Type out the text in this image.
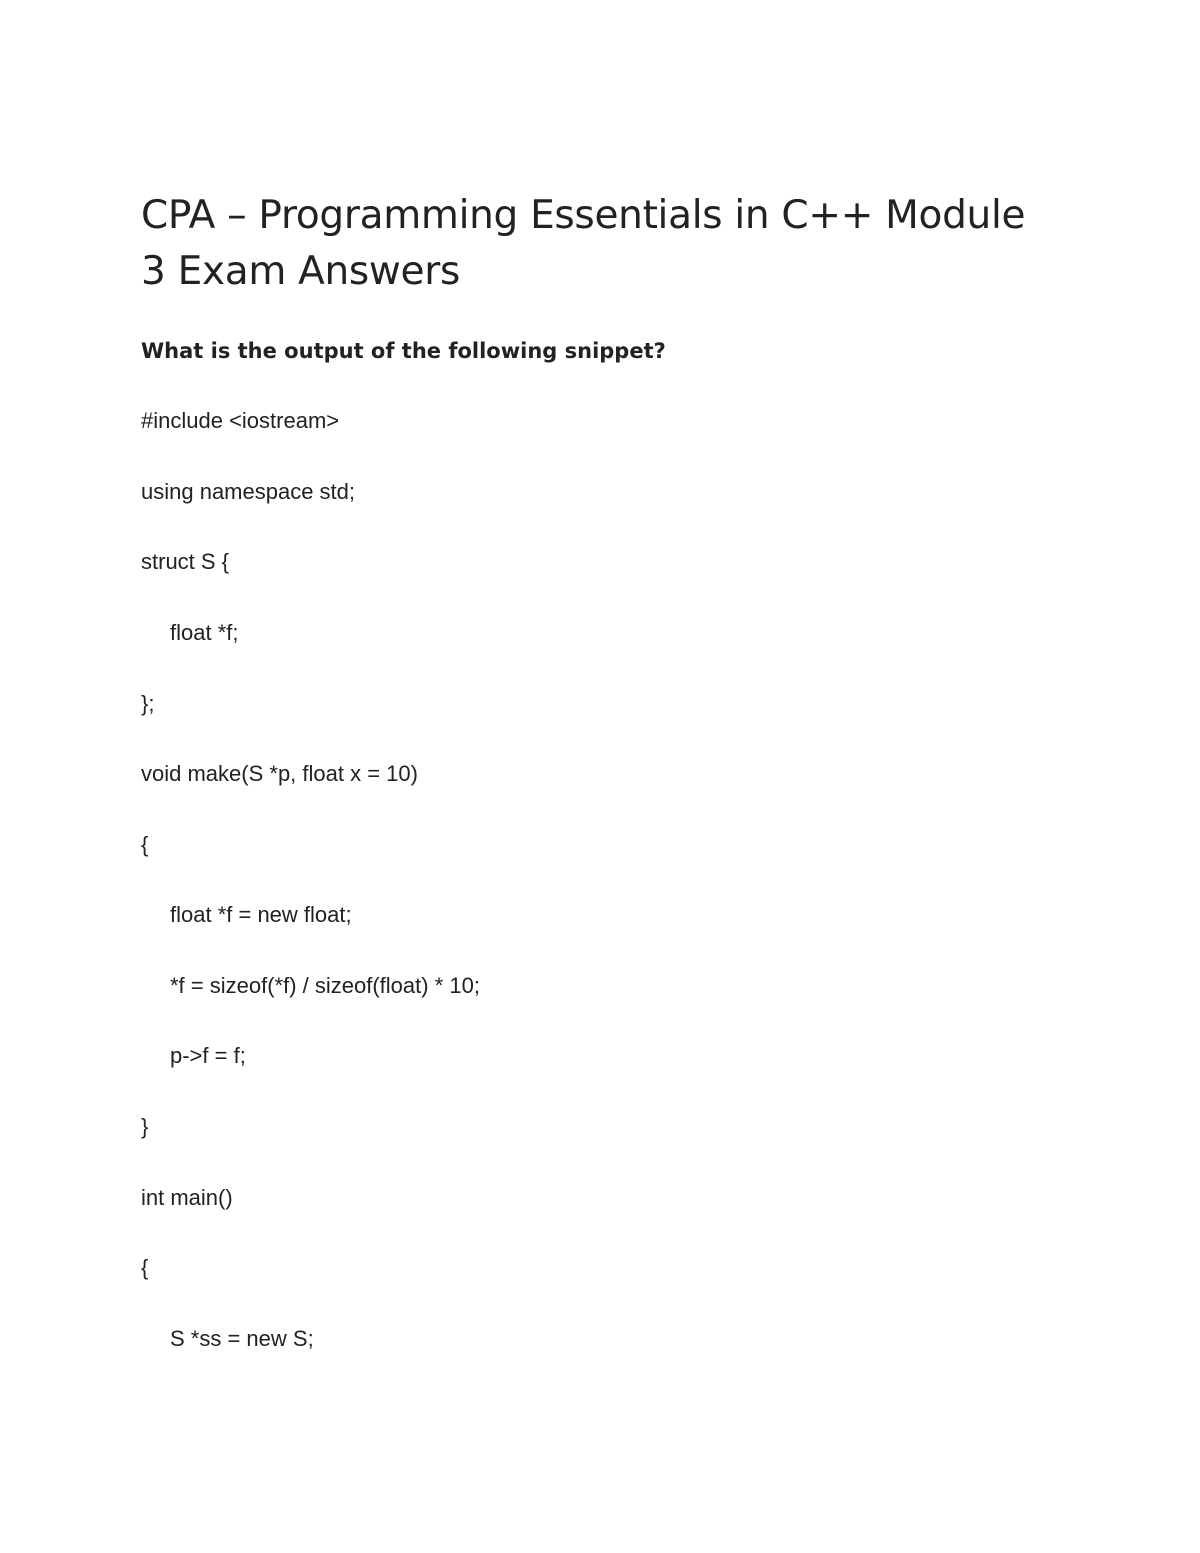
CPA – Programming Essentials in C++ Module 3 Exam Answers

What is the output of the following snippet?

#include <iostream>

using namespace std;

struct S {

float *f;

};

void make(S *p, float x = 10)

{

float *f = new float;

*f = sizeof(*f) / sizeof(float) * 10;

p->f = f;

}

int main()

{

S *ss = new S;
